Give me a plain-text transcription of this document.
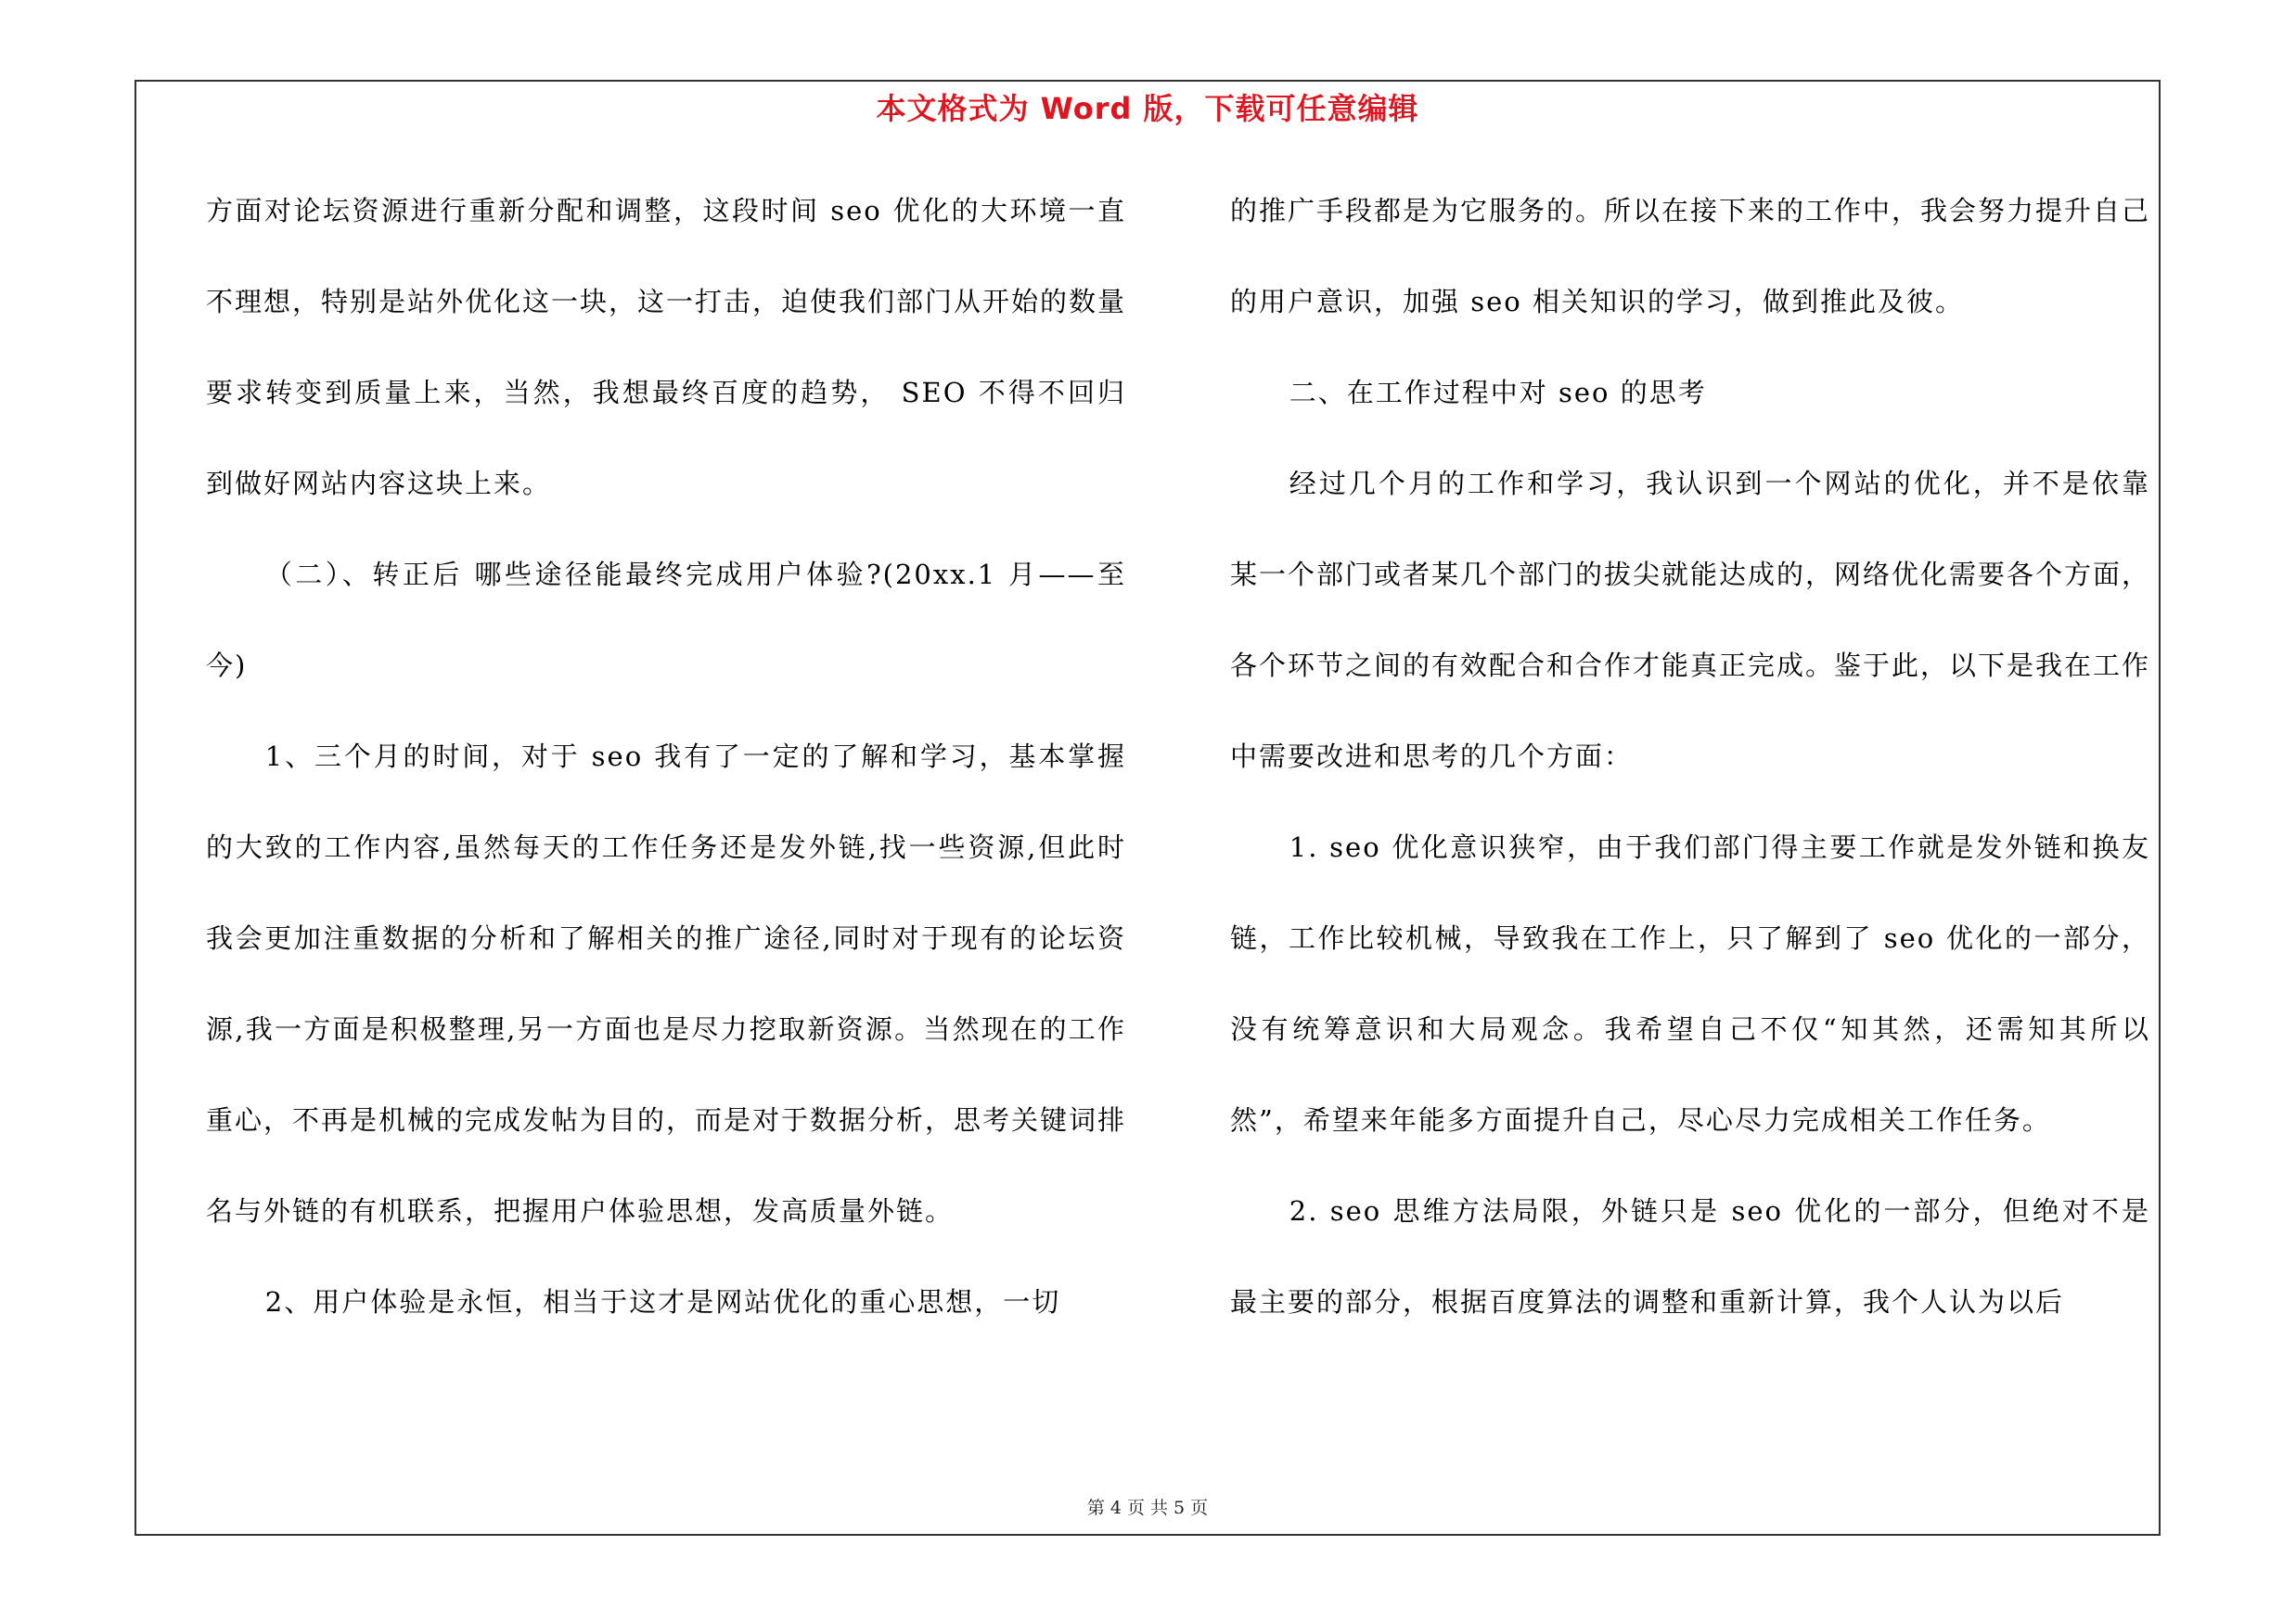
本文格式为 Word 版，下载可任意编辑

方面对论坛资源进行重新分配和调整，这段时间 seo 优化的大环境一直不理想，特别是站外优化这一块，这一打击，迫使我们部门从开始的数量要求转变到质量上来，当然，我想最终百度的趋势， SEO 不得不回归到做好网站内容这块上来。

（二）、转正后 哪些途径能最终完成用户体验?(20xx.1 月——至今)

1、三个月的时间，对于 seo 我有了一定的了解和学习，基本掌握的大致的工作内容,虽然每天的工作任务还是发外链,找一些资源,但此时我会更加注重数据的分析和了解相关的推广途径,同时对于现有的论坛资源,我一方面是积极整理,另一方面也是尽力挖取新资源。当然现在的工作重心，不再是机械的完成发帖为目的，而是对于数据分析，思考关键词排名与外链的有机联系，把握用户体验思想，发高质量外链。

2、用户体验是永恒，相当于这才是网站优化的重心思想，一切

的推广手段都是为它服务的。所以在接下来的工作中，我会努力提升自己的用户意识，加强 seo 相关知识的学习，做到推此及彼。

二、在工作过程中对 seo 的思考

经过几个月的工作和学习，我认识到一个网站的优化，并不是依靠某一个部门或者某几个部门的拔尖就能达成的，网络优化需要各个方面，各个环节之间的有效配合和合作才能真正完成。鉴于此，以下是我在工作中需要改进和思考的几个方面：

1. seo 优化意识狭窄，由于我们部门得主要工作就是发外链和换友链，工作比较机械，导致我在工作上，只了解到了 seo 优化的一部分，没有统筹意识和大局观念。我希望自己不仅“知其然，还需知其所以然”，希望来年能多方面提升自己，尽心尽力完成相关工作任务。

2. seo 思维方法局限，外链只是 seo 优化的一部分，但绝对不是最主要的部分，根据百度算法的调整和重新计算，我个人认为以后

第 4 页 共 5 页
